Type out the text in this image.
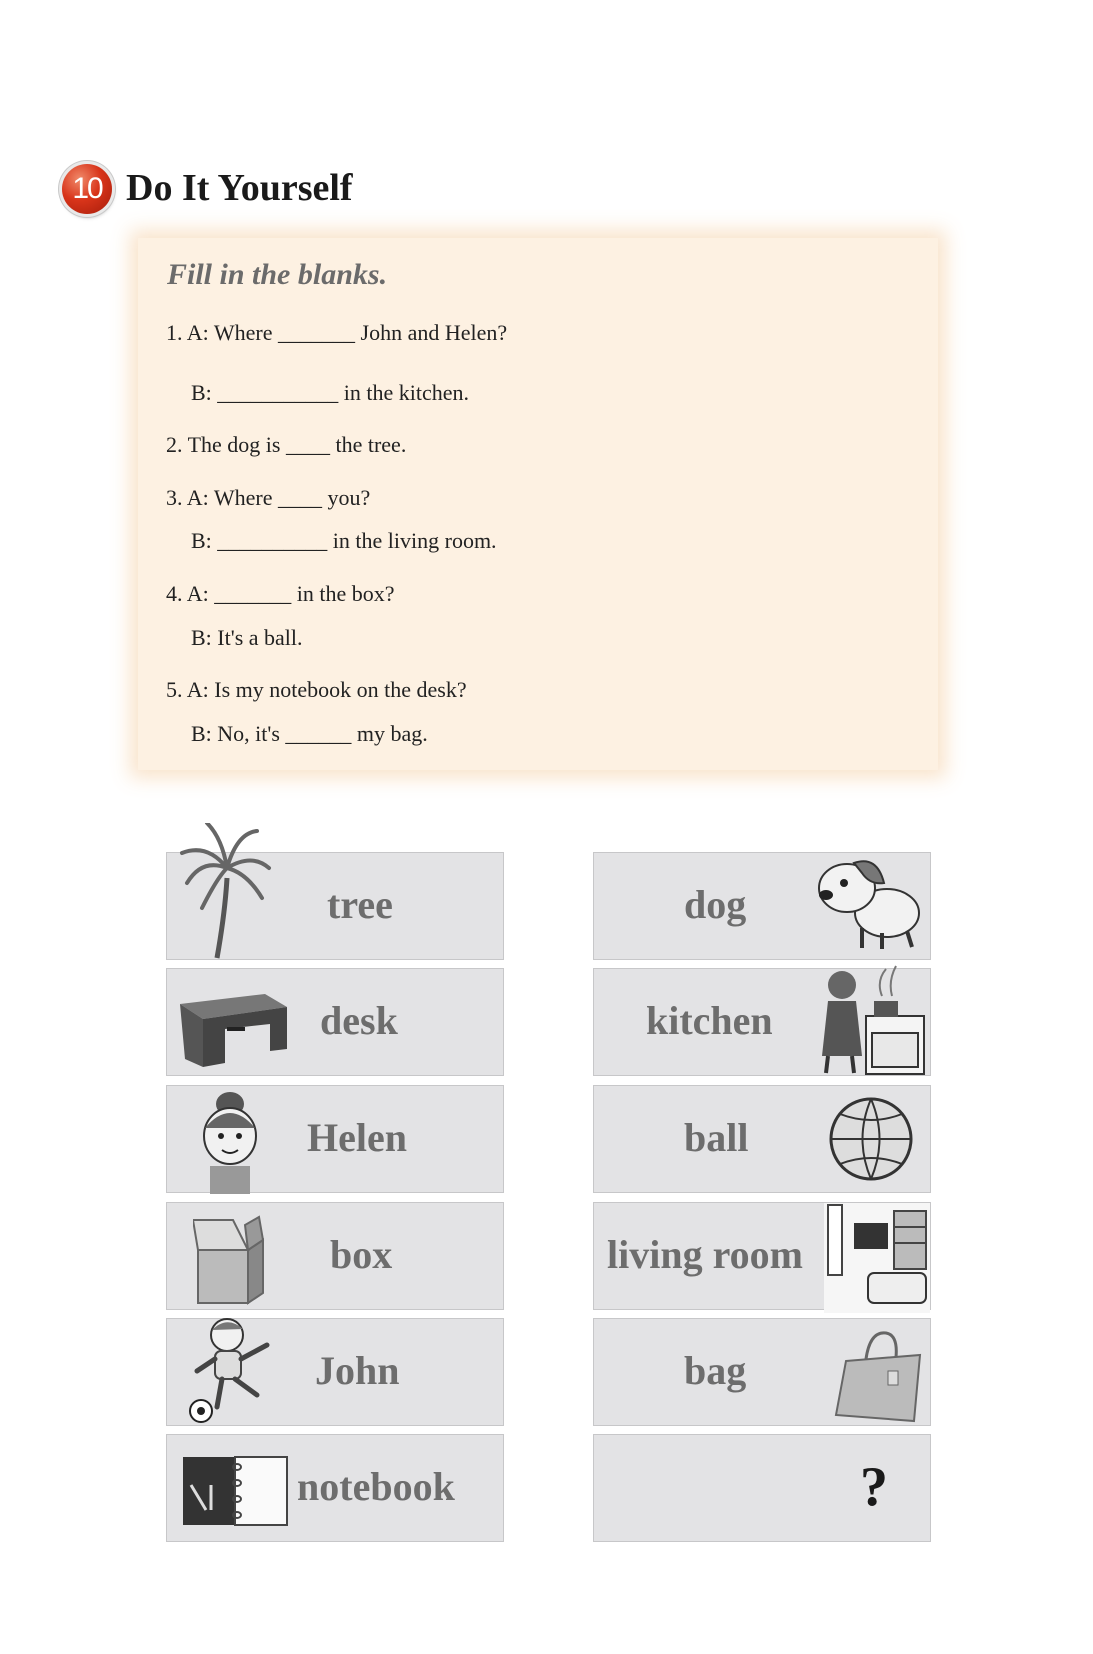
10 Do It Yourself

Fill in the blanks.

1. A: Where _______ John and Helen?
B: ___________ in the kitchen.
2. The dog is ____ the tree.
3. A: Where ____ you?
B: __________ in the living room.
4. A: _______ in the box?
B: It's a ball.
5. A: Is my notebook on the desk?
B: No, it's ______ my bag.
tree
desk
Helen
box
John
notebook
dog
kitchen
ball
living room
bag
?
